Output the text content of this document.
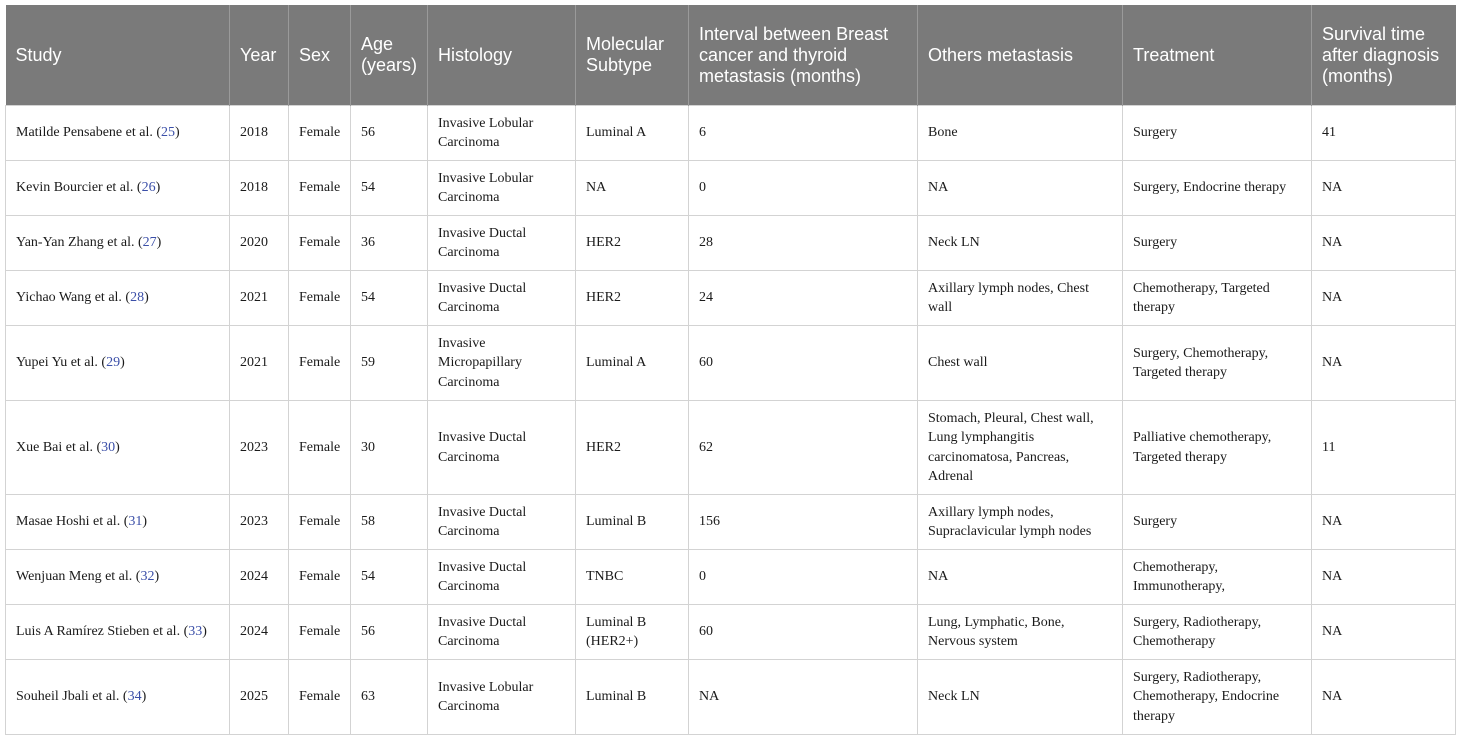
Study	Year	Sex	Age (years)	Histology	Molecular Subtype	Interval between Breast cancer and thyroid metastasis (months)	Others metastasis	Treatment	Survival time after diagnosis (months)
Matilde Pensabene et al. (25)	2018	Female	56	Invasive Lobular Carcinoma	Luminal A	6	Bone	Surgery	41
Kevin Bourcier et al. (26)	2018	Female	54	Invasive Lobular Carcinoma	NA	0	NA	Surgery, Endocrine therapy	NA
Yan-Yan Zhang et al. (27)	2020	Female	36	Invasive Ductal Carcinoma	HER2	28	Neck LN	Surgery	NA
Yichao Wang et al. (28)	2021	Female	54	Invasive Ductal Carcinoma	HER2	24	Axillary lymph nodes, Chest wall	Chemotherapy, Targeted therapy	NA
Yupei Yu et al. (29)	2021	Female	59	Invasive Micropapillary Carcinoma	Luminal A	60	Chest wall	Surgery, Chemotherapy, Targeted therapy	NA
Xue Bai et al. (30)	2023	Female	30	Invasive Ductal Carcinoma	HER2	62	Stomach, Pleural, Chest wall, Lung lymphangitis carcinomatosa, Pancreas, Adrenal	Palliative chemotherapy, Targeted therapy	11
Masae Hoshi et al. (31)	2023	Female	58	Invasive Ductal Carcinoma	Luminal B	156	Axillary lymph nodes, Supraclavicular lymph nodes	Surgery	NA
Wenjuan Meng et al. (32)	2024	Female	54	Invasive Ductal Carcinoma	TNBC	0	NA	Chemotherapy, Immunotherapy,	NA
Luis A Ramírez Stieben et al. (33)	2024	Female	56	Invasive Ductal Carcinoma	Luminal B (HER2+)	60	Lung, Lymphatic, Bone, Nervous system	Surgery, Radiotherapy, Chemotherapy	NA
Souheil Jbali et al. (34)	2025	Female	63	Invasive Lobular Carcinoma	Luminal B	NA	Neck LN	Surgery, Radiotherapy, Chemotherapy, Endocrine therapy	NA
